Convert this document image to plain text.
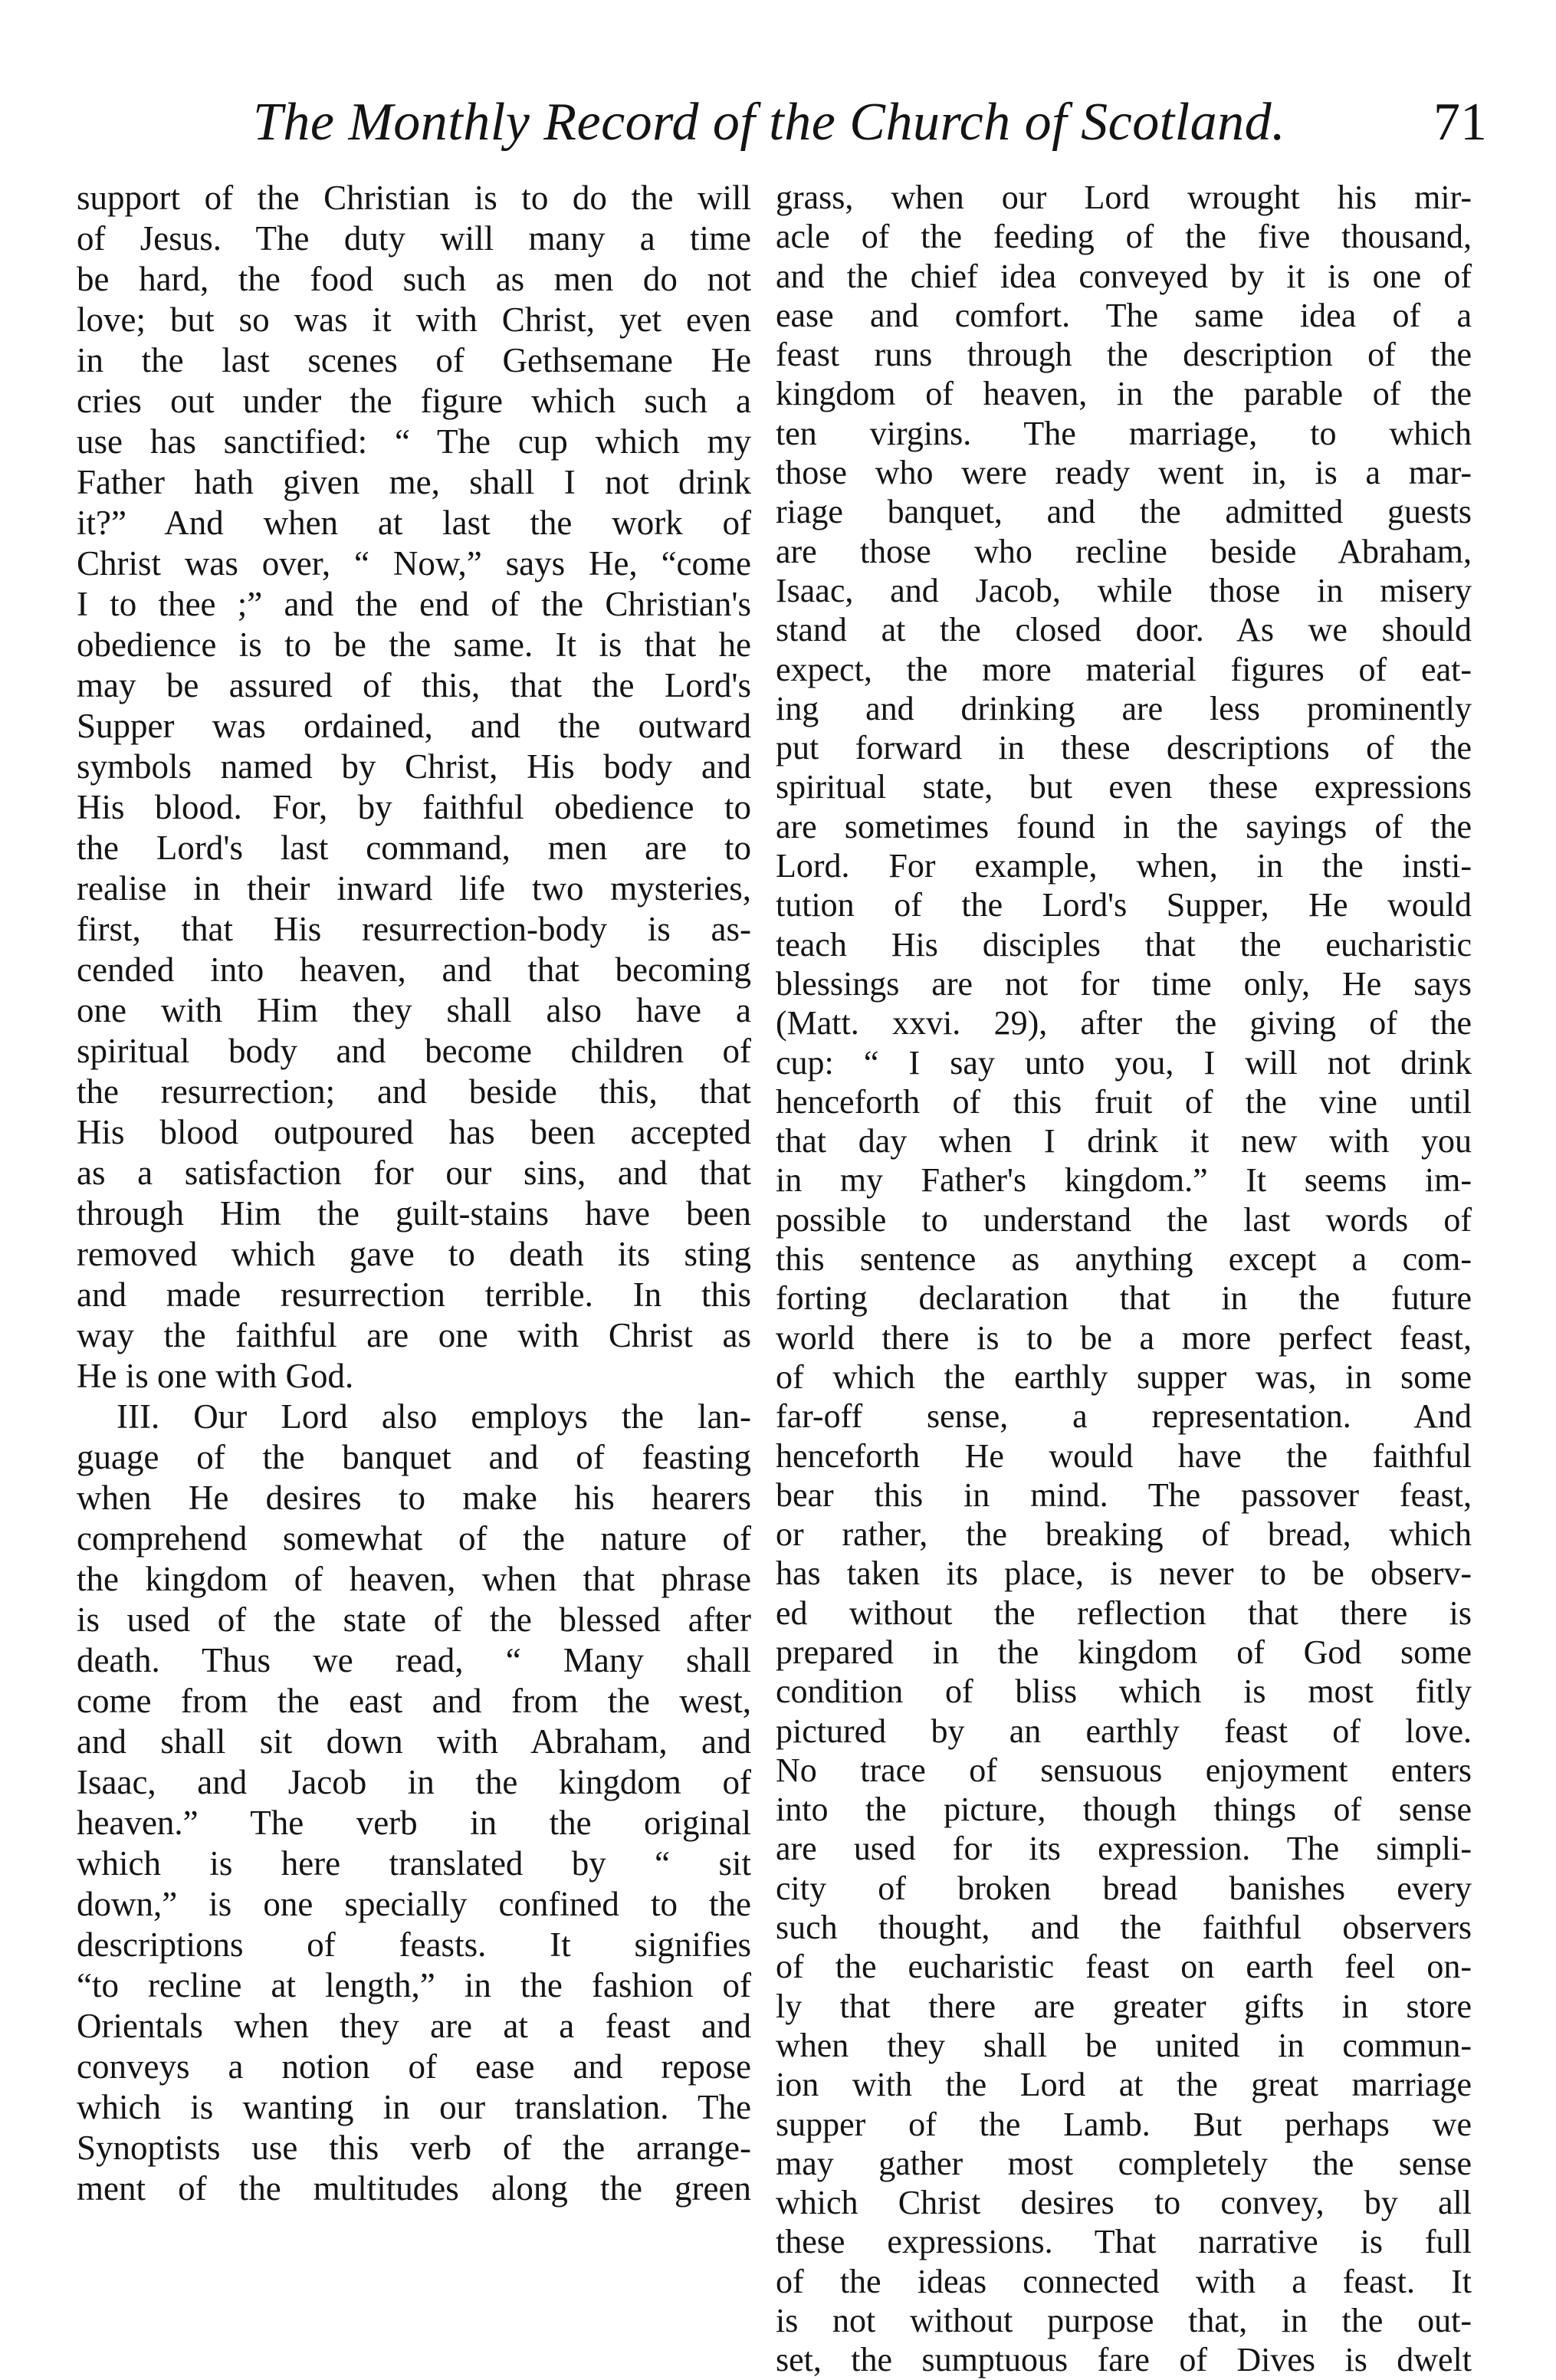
The Monthly Record of the Church of Scotland.	71
support of the Christian is to do the will
of Jesus. The duty will many a time
be hard, the food such as men do not
love; but so was it with Christ, yet even
in the last scenes of Gethsemane He
cries out under the figure which such a
use has sanctified: “ The cup which my
Father hath given me, shall I not drink
it?” And when at last the work of
Christ was over, “ Now,” says He, “come
I to thee ;” and the end of the Christian's
obedience is to be the same. It is that he
may be assured of this, that the Lord's
Supper was ordained, and the outward
symbols named by Christ, His body and
His blood. For, by faithful obedience to
the Lord's last command, men are to
realise in their inward life two mysteries,
first, that His resurrection-body is as-
cended into heaven, and that becoming
one with Him they shall also have a
spiritual body and become children of
the resurrection; and beside this, that
His blood outpoured has been accepted
as a satisfaction for our sins, and that
through Him the guilt-stains have been
removed which gave to death its sting
and made resurrection terrible. In this
way the faithful are one with Christ as
He is one with God.
III. Our Lord also employs the lan-
guage of the banquet and of feasting
when He desires to make his hearers
comprehend somewhat of the nature of
the kingdom of heaven, when that phrase
is used of the state of the blessed after
death. Thus we read, “ Many shall
come from the east and from the west,
and shall sit down with Abraham, and
Isaac, and Jacob in the kingdom of
heaven.” The verb in the original
which is here translated by “ sit
down,” is one specially confined to the
descriptions of feasts. It signifies
“to recline at length,” in the fashion of
Orientals when they are at a feast and
conveys a notion of ease and repose
which is wanting in our translation. The
Synoptists use this verb of the arrange-
ment of the multitudes along the green
grass, when our Lord wrought his mir-
acle of the feeding of the five thousand,
and the chief idea conveyed by it is one of
ease and comfort. The same idea of a
feast runs through the description of the
kingdom of heaven, in the parable of the
ten virgins. The marriage, to which
those who were ready went in, is a mar-
riage banquet, and the admitted guests
are those who recline beside Abraham,
Isaac, and Jacob, while those in misery
stand at the closed door. As we should
expect, the more material figures of eat-
ing and drinking are less prominently
put forward in these descriptions of the
spiritual state, but even these expressions
are sometimes found in the sayings of the
Lord. For example, when, in the insti-
tution of the Lord's Supper, He would
teach His disciples that the eucharistic
blessings are not for time only, He says
(Matt. xxvi. 29), after the giving of the
cup: “ I say unto you, I will not drink
henceforth of this fruit of the vine until
that day when I drink it new with you
in my Father's kingdom.” It seems im-
possible to understand the last words of
this sentence as anything except a com-
forting declaration that in the future
world there is to be a more perfect feast,
of which the earthly supper was, in some
far-off sense, a representation. And
henceforth He would have the faithful
bear this in mind. The passover feast,
or rather, the breaking of bread, which
has taken its place, is never to be observ-
ed without the reflection that there is
prepared in the kingdom of God some
condition of bliss which is most fitly
pictured by an earthly feast of love.
No trace of sensuous enjoyment enters
into the picture, though things of sense
are used for its expression. The simpli-
city of broken bread banishes every
such thought, and the faithful observers
of the eucharistic feast on earth feel on-
ly that there are greater gifts in store
when they shall be united in commun-
ion with the Lord at the great marriage
supper of the Lamb. But perhaps we
may gather most completely the sense
which Christ desires to convey, by all
these expressions. That narrative is full
of the ideas connected with a feast. It
is not without purpose that, in the out-
set, the sumptuous fare of Dives is dwelt
